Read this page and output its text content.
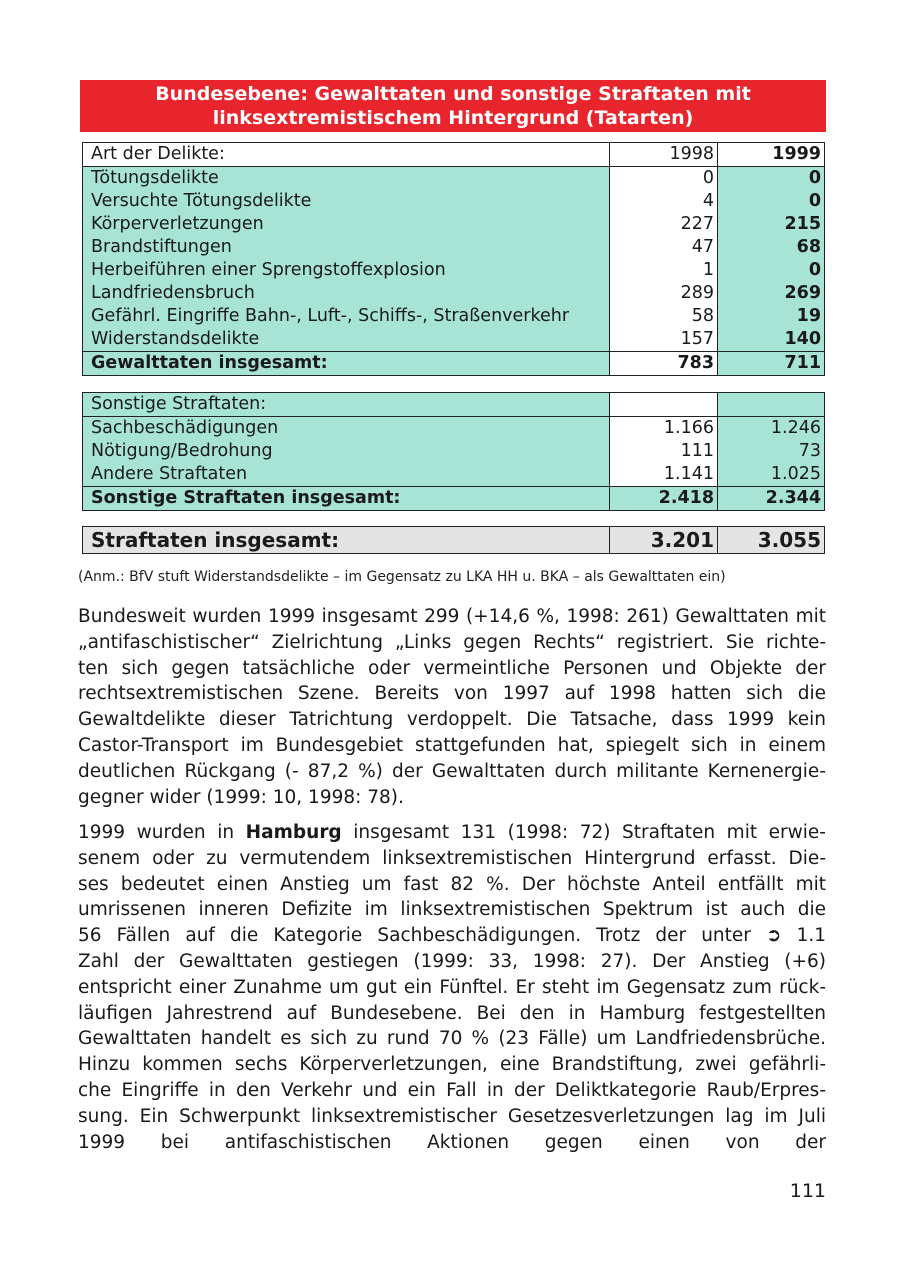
Bundesebene: Gewalttaten und sonstige Straftaten mit
linksextremistischem Hintergrund (Tatarten)
Art der Delikte:	1998	1999
Tötungsdelikte	0	0
Versuchte Tötungsdelikte	4	0
Körperverletzungen	227	215
Brandstiftungen	47	68
Herbeiführen einer Sprengstoffexplosion	1	0
Landfriedensbruch	289	269
Gefährl. Eingriffe Bahn-, Luft-, Schiffs-, Straßenverkehr	58	19
Widerstandsdelikte	157	140
Gewalttaten insgesamt:	783	711
Sonstige Straftaten:		
Sachbeschädigungen	1.166	1.246
Nötigung/Bedrohung	111	73
Andere Straftaten	1.141	1.025
Sonstige Straftaten insgesamt:	2.418	2.344
Straftaten insgesamt:	3.201	3.055
(Anm.: BfV stuft Widerstandsdelikte – im Gegensatz zu LKA HH u. BKA – als Gewalttaten ein)
Bundesweit wurden 1999 insgesamt 299 (+14,6 %, 1998: 261) Gewalttaten mit
„antifaschistischer“ Zielrichtung „Links gegen Rechts“ registriert. Sie richte-
ten sich gegen tatsächliche oder vermeintliche Personen und Objekte der
rechtsextremistischen Szene. Bereits von 1997 auf 1998 hatten sich die
Gewaltdelikte dieser Tatrichtung verdoppelt. Die Tatsache, dass 1999 kein
Castor-Transport im Bundesgebiet stattgefunden hat, spiegelt sich in einem
deutlichen Rückgang (- 87,2 %) der Gewalttaten durch militante Kernenergie-
gegner wider (1999: 10, 1998: 78).
1999 wurden in Hamburg insgesamt 131 (1998: 72) Straftaten mit erwie-
senem oder zu vermutendem linksextremistischen Hintergrund erfasst. Die-
ses bedeutet einen Anstieg um fast 82 %. Der höchste Anteil entfällt mit
umrissenen inneren Defizite im linksextremistischen Spektrum ist auch die
56 Fällen auf die Kategorie Sachbeschädigungen. Trotz der unter ➲ 1.1
Zahl der Gewalttaten gestiegen (1999: 33, 1998: 27). Der Anstieg (+6)
entspricht einer Zunahme um gut ein Fünftel. Er steht im Gegensatz zum rück-
läufigen Jahrestrend auf Bundesebene. Bei den in Hamburg festgestellten
Gewalttaten handelt es sich zu rund 70 % (23 Fälle) um Landfriedensbrüche.
Hinzu kommen sechs Körperverletzungen, eine Brandstiftung, zwei gefährli-
che Eingriffe in den Verkehr und ein Fall in der Deliktkategorie Raub/Erpres-
sung. Ein Schwerpunkt linksextremistischer Gesetzesverletzungen lag im Juli
1999 bei antifaschistischen Aktionen gegen einen von der
111
